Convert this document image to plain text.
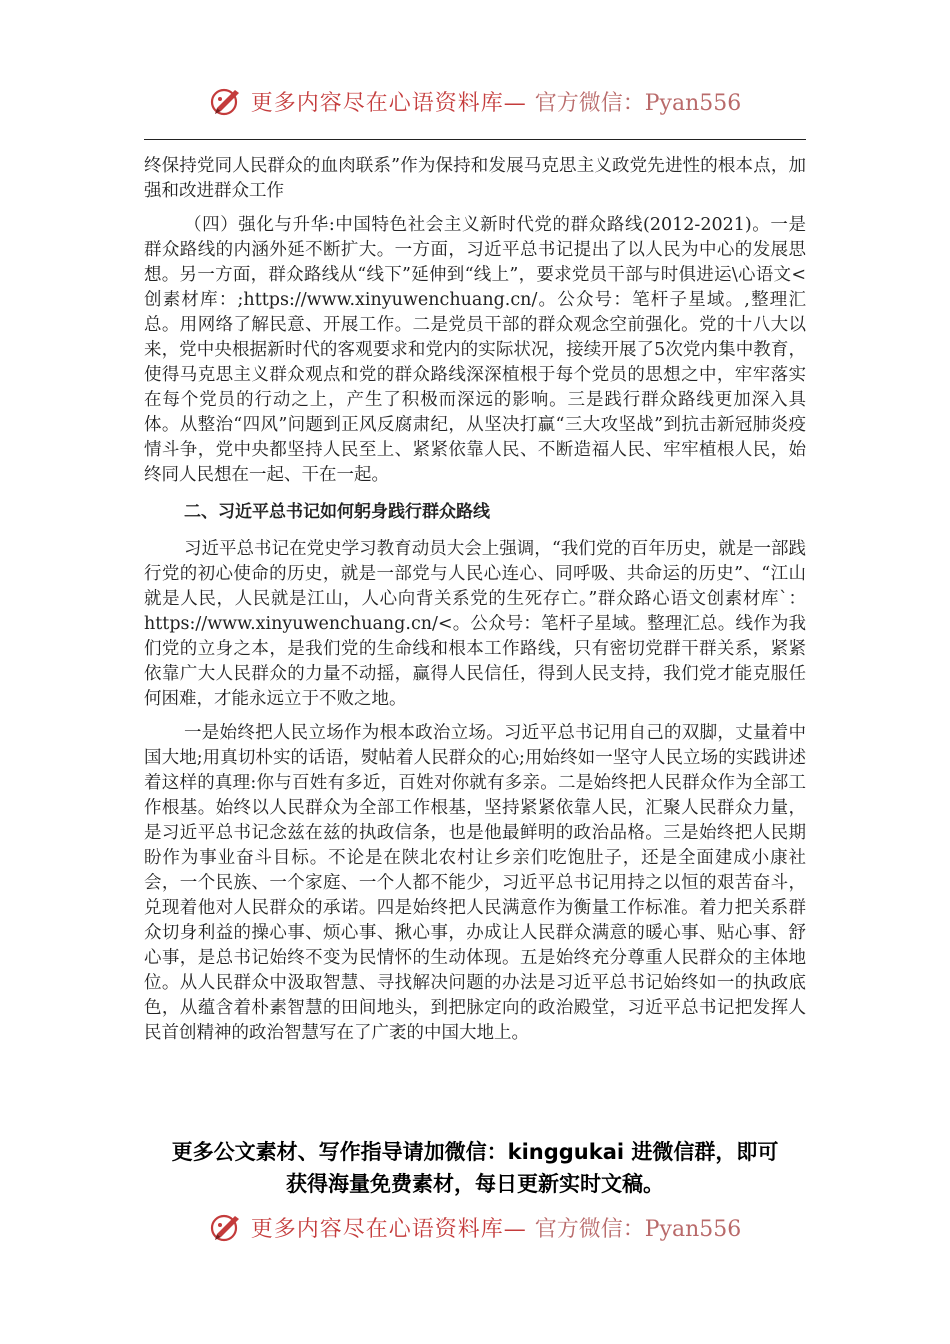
更多内容尽在心语资料库— 官方微信：Pyan556

终保持党同人民群众的血肉联系”作为保持和发展马克思主义政党先进性的根本点，加强和改进群众工作

（四）强化与升华:中国特色社会主义新时代党的群众路线(2012-2021)。一是群众路线的内涵外延不断扩大。一方面，习近平总书记提出了以人民为中心的发展思想。另一方面，群众路线从“线下”延伸到“线上”，要求党员干部与时俱进运\心语文<创素材库：;https://www.xinyuwenchuang.cn/。公众号：笔杆子星域。,整理汇总。用网络了解民意、开展工作。二是党员干部的群众观念空前强化。党的十八大以来，党中央根据新时代的客观要求和党内的实际状况，接续开展了5次党内集中教育，使得马克思主义群众观点和党的群众路线深深植根于每个党员的思想之中，牢牢落实在每个党员的行动之上，产生了积极而深远的影响。三是践行群众路线更加深入具体。从整治“四风”问题到正风反腐肃纪，从坚决打赢“三大攻坚战”到抗击新冠肺炎疫情斗争，党中央都坚持人民至上、紧紧依靠人民、不断造福人民、牢牢植根人民，始终同人民想在一起、干在一起。

二、习近平总书记如何躬身践行群众路线

习近平总书记在党史学习教育动员大会上强调，“我们党的百年历史，就是一部践行党的初心使命的历史，就是一部党与人民心连心、同呼吸、共命运的历史”、“江山就是人民，人民就是江山，人心向背关系党的生死存亡。”群众路心语文创素材库`：https://www.xinyuwenchuang.cn/<。公众号：笔杆子星域。整理汇总。线作为我们党的立身之本，是我们党的生命线和根本工作路线，只有密切党群干群关系，紧紧依靠广大人民群众的力量不动摇，赢得人民信任，得到人民支持，我们党才能克服任何困难，才能永远立于不败之地。

一是始终把人民立场作为根本政治立场。习近平总书记用自己的双脚，丈量着中国大地;用真切朴实的话语，熨帖着人民群众的心;用始终如一坚守人民立场的实践讲述着这样的真理:你与百姓有多近，百姓对你就有多亲。二是始终把人民群众作为全部工作根基。始终以人民群众为全部工作根基，坚持紧紧依靠人民，汇聚人民群众力量，是习近平总书记念兹在兹的执政信条，也是他最鲜明的政治品格。三是始终把人民期盼作为事业奋斗目标。不论是在陕北农村让乡亲们吃饱肚子，还是全面建成小康社会，一个民族、一个家庭、一个人都不能少，习近平总书记用持之以恒的艰苦奋斗，兑现着他对人民群众的承诺。四是始终把人民满意作为衡量工作标准。着力把关系群众切身利益的操心事、烦心事、揪心事，办成让人民群众满意的暖心事、贴心事、舒心事，是总书记始终不变为民情怀的生动体现。五是始终充分尊重人民群众的主体地位。从人民群众中汲取智慧、寻找解决问题的办法是习近平总书记始终如一的执政底色，从蕴含着朴素智慧的田间地头，到把脉定向的政治殿堂，习近平总书记把发挥人民首创精神的政治智慧写在了广袤的中国大地上。

更多公文素材、写作指导请加微信：kinggukai 进微信群，即可

获得海量免费素材，每日更新实时文稿。

更多内容尽在心语资料库— 官方微信：Pyan556
